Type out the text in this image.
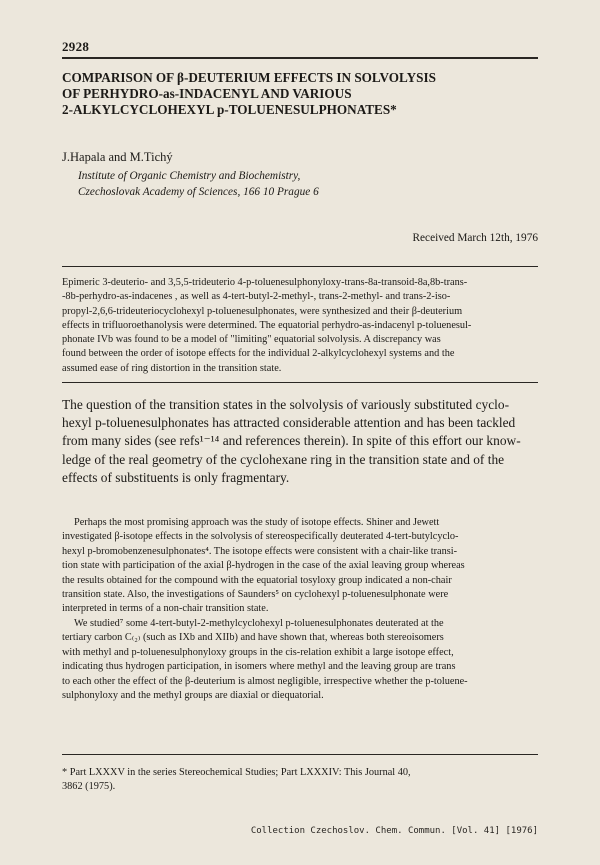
2928
COMPARISON OF β-DEUTERIUM EFFECTS IN SOLVOLYSIS
OF PERHYDRO-as-INDACENYL AND VARIOUS
2-ALKYLCYCLOHEXYL p-TOLUENESULPHONATES*
J.Hapala and M.Tichý
Institute of Organic Chemistry and Biochemistry,
Czechoslovak Academy of Sciences, 166 10 Prague 6
Received March 12th, 1976
Epimeric 3-deuterio- and 3,5,5-trideuterio 4-p-toluenesulphonyloxy-trans-8a-transoid-8a,8b-trans-
-8b-perhydro-as-indacenes , as well as 4-tert-butyl-2-methyl-, trans-2-methyl- and trans-2-iso-
propyl-2,6,6-trideuteriocyclohexyl p-toluenesulphonates, were synthesized and their β-deuterium
effects in trifluoroethanolysis were determined. The equatorial perhydro-as-indacenyl p-toluenesul-
phonate IVb was found to be a model of "limiting" equatorial solvolysis. A discrepancy was
found between the order of isotope effects for the individual 2-alkylcyclohexyl systems and the
assumed ease of ring distortion in the transition state.
The question of the transition states in the solvolysis of variously substituted cyclo-
hexyl p-toluenesulphonates has attracted considerable attention and has been tackled
from many sides (see refs¹⁻¹⁴ and references therein). In spite of this effort our know-
ledge of the real geometry of the cyclohexane ring in the transition state and of the
effects of substituents is only fragmentary.
Perhaps the most promising approach was the study of isotope effects. Shiner and Jewett
investigated β-isotope effects in the solvolysis of stereospecifically deuterated 4-tert-butylcyclo-
hexyl p-bromobenzenesulphonates⁴. The isotope effects were consistent with a chair-like transi-
tion state with participation of the axial β-hydrogen in the case of the axial leaving group whereas
the results obtained for the compound with the equatorial tosyloxy group indicated a non-chair
transition state. Also, the investigations of Saunders⁵ on cyclohexyl p-toluenesulphonate were
interpreted in terms of a non-chair transition state.
We studied⁷ some 4-tert-butyl-2-methylcyclohexyl p-toluenesulphonates deuterated at the
tertiary carbon C₍₂₎ (such as IXb and XIIb) and have shown that, whereas both stereoisomers
with methyl and p-toluenesulphonyloxy groups in the cis-relation exhibit a large isotope effect,
indicating thus hydrogen participation, in isomers where methyl and the leaving group are trans
to each other the effect of the β-deuterium is almost negligible, irrespective whether the p-toluene-
sulphonyloxy and the methyl groups are diaxial or diequatorial.
* Part LXXXV in the series Stereochemical Studies; Part LXXXIV: This Journal 40,
3862 (1975).
Collection Czechoslov. Chem. Commun. [Vol. 41] [1976]
